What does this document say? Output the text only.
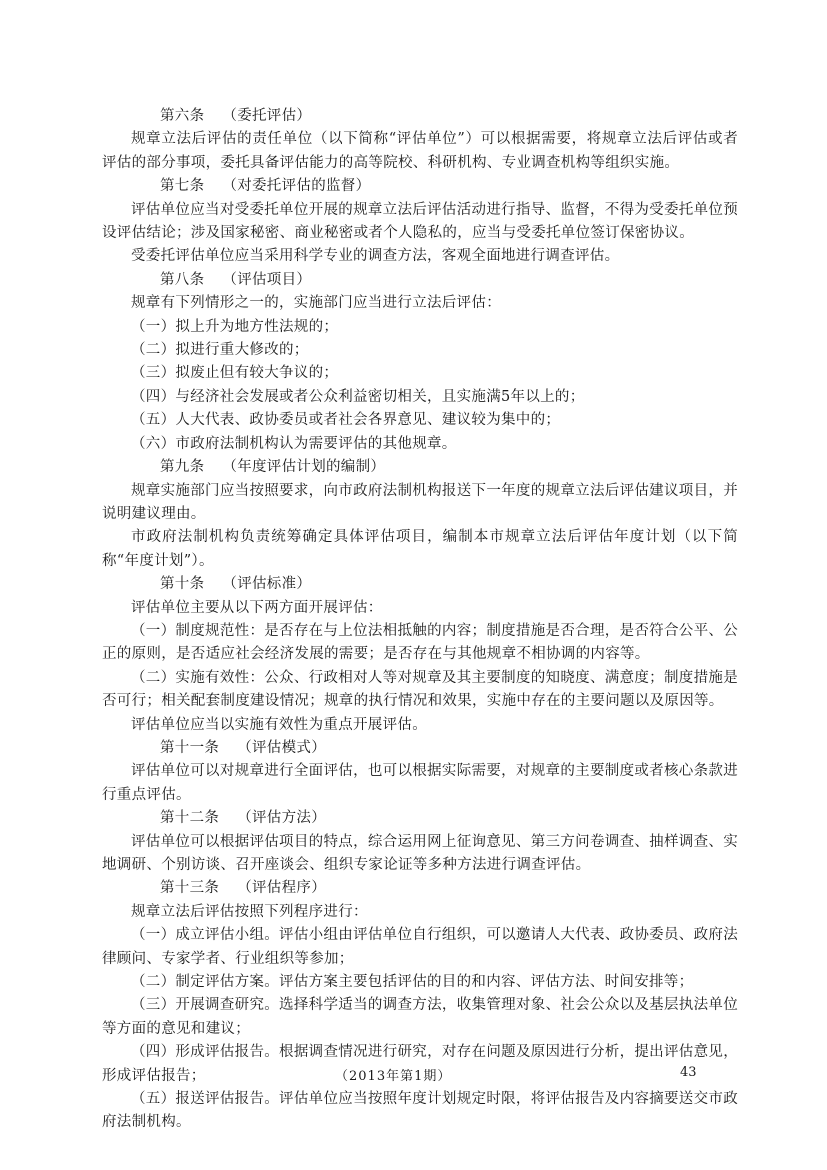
第六条 （委托评估）

规章立法后评估的责任单位（以下简称“评估单位”）可以根据需要，将规章立法后评估或者评估的部分事项，委托具备评估能力的高等院校、科研机构、专业调查机构等组织实施。

第七条 （对委托评估的监督）

评估单位应当对受委托单位开展的规章立法后评估活动进行指导、监督，不得为受委托单位预设评估结论；涉及国家秘密、商业秘密或者个人隐私的，应当与受委托单位签订保密协议。

受委托评估单位应当采用科学专业的调查方法，客观全面地进行调查评估。

第八条 （评估项目）

规章有下列情形之一的，实施部门应当进行立法后评估：

（一）拟上升为地方性法规的；

（二）拟进行重大修改的；

（三）拟废止但有较大争议的；

（四）与经济社会发展或者公众利益密切相关，且实施满5年以上的；

（五）人大代表、政协委员或者社会各界意见、建议较为集中的；

（六）市政府法制机构认为需要评估的其他规章。

第九条 （年度评估计划的编制）

规章实施部门应当按照要求，向市政府法制机构报送下一年度的规章立法后评估建议项目，并说明建议理由。

市政府法制机构负责统筹确定具体评估项目，编制本市规章立法后评估年度计划（以下简称“年度计划”）。

第十条 （评估标准）

评估单位主要从以下两方面开展评估：

（一）制度规范性：是否存在与上位法相抵触的内容；制度措施是否合理，是否符合公平、公正的原则，是否适应社会经济发展的需要；是否存在与其他规章不相协调的内容等。

（二）实施有效性：公众、行政相对人等对规章及其主要制度的知晓度、满意度；制度措施是否可行；相关配套制度建设情况；规章的执行情况和效果，实施中存在的主要问题以及原因等。

评估单位应当以实施有效性为重点开展评估。

第十一条 （评估模式）

评估单位可以对规章进行全面评估，也可以根据实际需要，对规章的主要制度或者核心条款进行重点评估。

第十二条 （评估方法）

评估单位可以根据评估项目的特点，综合运用网上征询意见、第三方问卷调查、抽样调查、实地调研、个别访谈、召开座谈会、组织专家论证等多种方法进行调查评估。

第十三条 （评估程序）

规章立法后评估按照下列程序进行：

（一）成立评估小组。评估小组由评估单位自行组织，可以邀请人大代表、政协委员、政府法律顾问、专家学者、行业组织等参加；

（二）制定评估方案。评估方案主要包括评估的目的和内容、评估方法、时间安排等；

（三）开展调查研究。选择科学适当的调查方法，收集管理对象、社会公众以及基层执法单位等方面的意见和建议；

（四）形成评估报告。根据调查情况进行研究，对存在问题及原因进行分析，提出评估意见，形成评估报告；

（五）报送评估报告。评估单位应当按照年度计划规定时限，将评估报告及内容摘要送交市政府法制机构。

（2013年第1期）	43
